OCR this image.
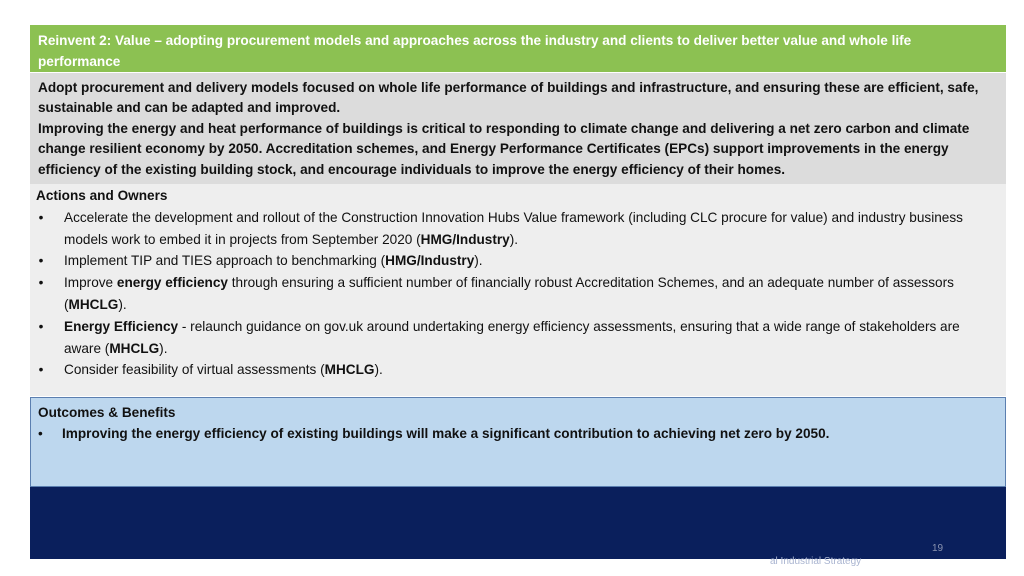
Reinvent 2: Value – adopting procurement models and approaches across the industry and clients to deliver better value and whole life performance
Adopt procurement and delivery models focused on whole life performance of buildings and infrastructure, and ensuring these are efficient, safe, sustainable and can be adapted and improved.
Improving the energy and heat performance of buildings is critical to responding to climate change and delivering a net zero carbon and climate change resilient economy by 2050. Accreditation schemes, and Energy Performance Certificates (EPCs) support improvements in the energy efficiency of the existing building stock, and encourage individuals to improve the energy efficiency of their homes.
Actions and Owners
• Accelerate the development and rollout of the Construction Innovation Hubs Value framework (including CLC procure for value) and industry business models work to embed it in projects from September 2020 (HMG/Industry).
• Implement TIP and TIES approach to benchmarking (HMG/Industry).
• Improve energy efficiency through ensuring a sufficient number of financially robust Accreditation Schemes, and an adequate number of assessors (MHCLG).
• Energy Efficiency - relaunch guidance on gov.uk around undertaking energy efficiency assessments, ensuring that a wide range of stakeholders are aware (MHCLG).
• Consider feasibility of virtual assessments (MHCLG).
Outcomes & Benefits
•	Improving the energy efficiency of existing buildings will make a significant contribution to achieving net zero by 2050.
19
al Industrial Strategy
